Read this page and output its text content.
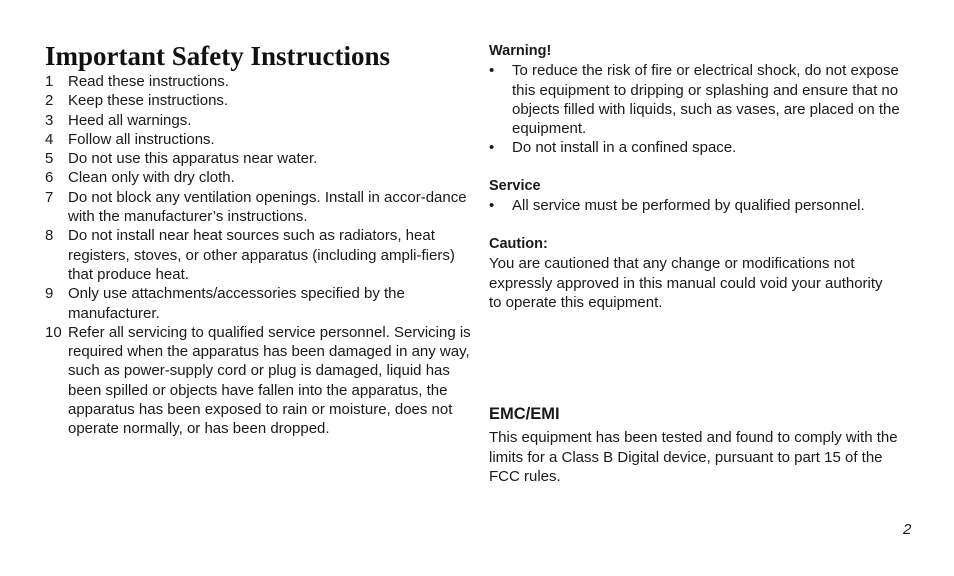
Important Safety Instructions
1 Read these instructions.
2 Keep these instructions.
3 Heed all warnings.
4 Follow all instructions.
5 Do not use this apparatus near water.
6 Clean only with dry cloth.
7 Do not block any ventilation openings. Install in accor-dance with the manufacturer’s instructions.
8 Do not install near heat sources such as radiators, heat registers, stoves, or other apparatus (including ampli-fiers) that produce heat.
9 Only use attachments/accessories specified by the manufacturer.
10 Refer all servicing to qualified service personnel. Servicing is required when the apparatus has been damaged in any way, such as power-supply cord or plug is damaged, liquid has been spilled or objects have fallen into the apparatus, the apparatus has been exposed to rain or moisture, does not operate normally, or has been dropped.
Warning!
•	To reduce the risk of fire or electrical shock, do not expose this equipment to dripping or splashing and ensure that no objects filled with liquids, such as vases, are placed on the equipment.
•	Do not install in a confined space.
Service
•	All service must be performed by qualified personnel.
Caution:

You are cautioned that any change or modifications not expressly approved in this manual could void your authority to operate this equipment.

EMC/EMI

This equipment has been tested and found to comply with the limits for a Class B Digital device, pursuant to part 15 of the FCC rules.

2
